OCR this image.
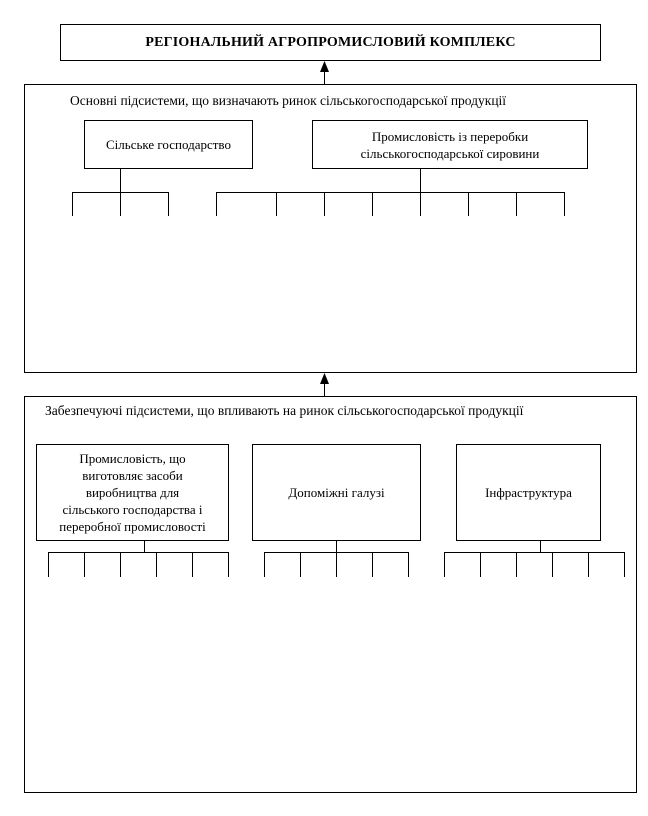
РЕГІОНАЛЬНИЙ АГРОПРОМИСЛОВИЙ КОМПЛЕКС
Основні підсистеми, що визначають ринок сільськогосподарської продукції
Сільське господарство
Промисловість із переробки
сільськогосподарської сировини
Забезпечуючі підсистеми, що впливають на ринок сільськогосподарської продукції
Промисловість, що
виготовляє засоби
виробництва для
сільського господарства і
переробної промисловості
Допоміжні галузі	Інфраструктура
